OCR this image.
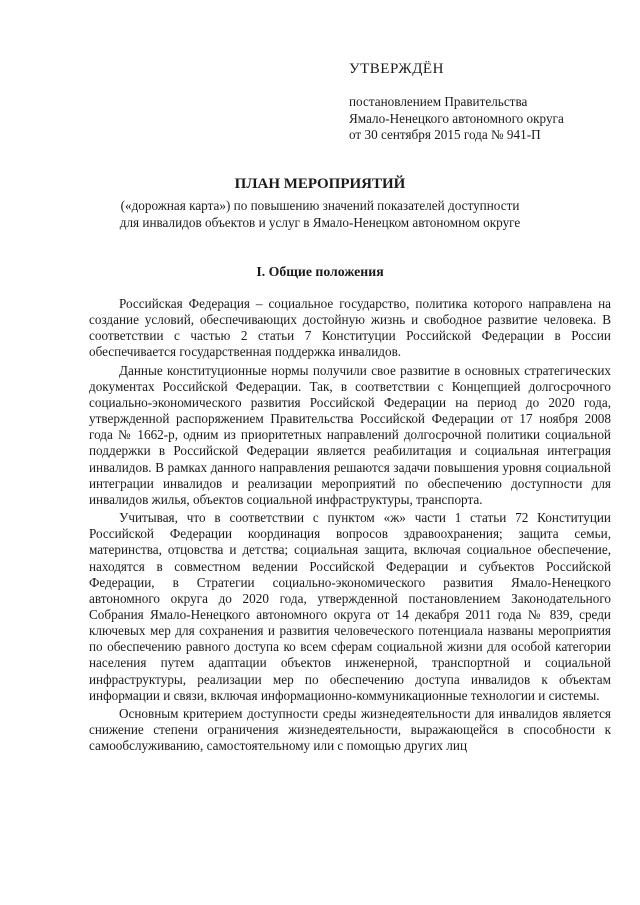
УТВЕРЖДЁН
постановлением Правительства
Ямало-Ненецкого автономного округа
от 30 сентября 2015 года № 941-П
ПЛАН МЕРОПРИЯТИЙ
(«дорожная карта») по повышению значений показателей доступности
для инвалидов объектов и услуг в Ямало-Ненецком автономном округе
I. Общие положения

Российская Федерация – социальное государство, политика которого направлена на создание условий, обеспечивающих достойную жизнь и свободное развитие человека. В соответствии с частью 2 статьи 7 Конституции Российской Федерации в России обеспечивается государственная поддержка инвалидов.

Данные конституционные нормы получили свое развитие в основных стратегических документах Российской Федерации. Так, в соответствии с Концепцией долгосрочного социально-экономического развития Российской Федерации на период до 2020 года, утвержденной распоряжением Правительства Российской Федерации от 17 ноября 2008 года № 1662-р, одним из приоритетных направлений долгосрочной политики социальной поддержки в Российской Федерации является реабилитация и социальная интеграция инвалидов. В рамках данного направления решаются задачи повышения уровня социальной интеграции инвалидов и реализации мероприятий по обеспечению доступности для инвалидов жилья, объектов социальной инфраструктуры, транспорта.

Учитывая, что в соответствии с пунктом «ж» части 1 статьи 72 Конституции Российской Федерации координация вопросов здравоохранения; защита семьи, материнства, отцовства и детства; социальная защита, включая социальное обеспечение, находятся в совместном ведении Российской Федерации и субъектов Российской Федерации, в Стратегии социально-экономического развития Ямало-Ненецкого автономного округа до 2020 года, утвержденной постановлением Законодательного Собрания Ямало-Ненецкого автономного округа от 14 декабря 2011 года № 839, среди ключевых мер для сохранения и развития человеческого потенциала названы мероприятия по обеспечению равного доступа ко всем сферам социальной жизни для особой категории населения путем адаптации объектов инженерной, транспортной и социальной инфраструктуры, реализации мер по обеспечению доступа инвалидов к объектам информации и связи, включая информационно-коммуникационные технологии и системы.

Основным критерием доступности среды жизнедеятельности для инвалидов является снижение степени ограничения жизнедеятельности, выражающейся в способности к самообслуживанию, самостоятельному или с помощью других лиц
